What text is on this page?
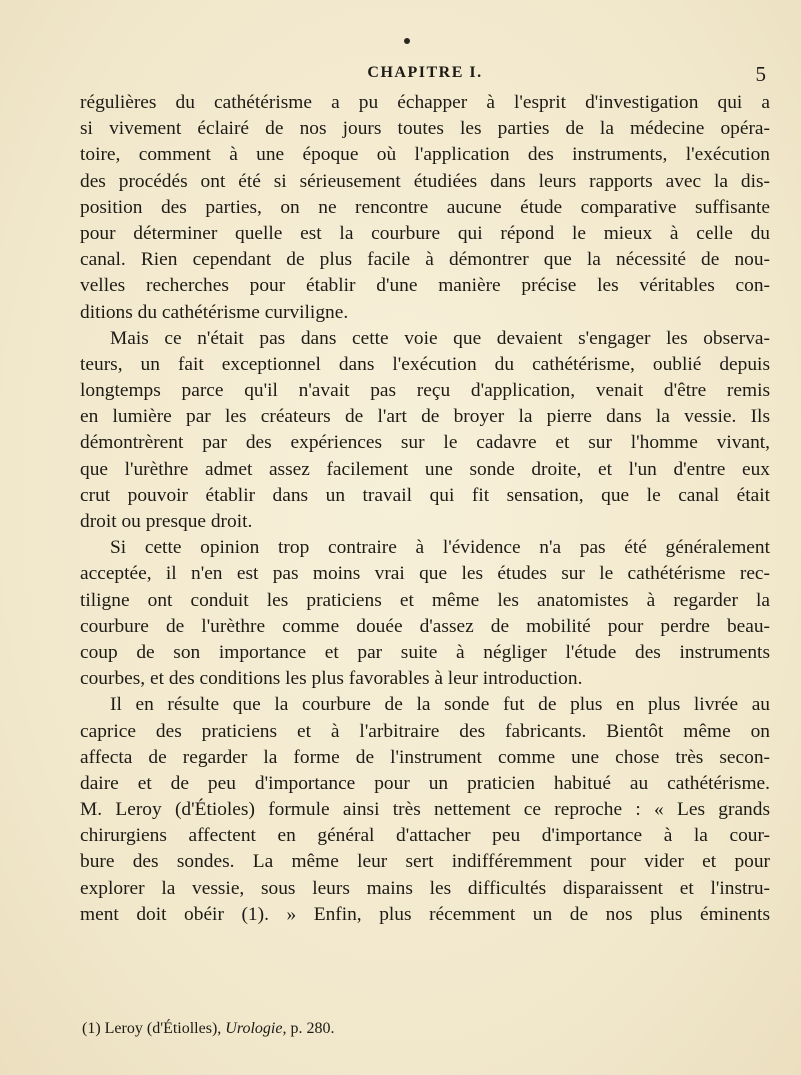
CHAPITRE I.	5
régulières du cathétérisme a pu échapper à l'esprit d'investigation qui a
si vivement éclairé de nos jours toutes les parties de la médecine opéra-
toire, comment à une époque où l'application des instruments, l'exécution
des procédés ont été si sérieusement étudiées dans leurs rapports avec la dis-
position des parties, on ne rencontre aucune étude comparative suffisante
pour déterminer quelle est la courbure qui répond le mieux à celle du
canal. Rien cependant de plus facile à démontrer que la nécessité de nou-
velles recherches pour établir d'une manière précise les véritables con-
ditions du cathétérisme curviligne.
Mais ce n'était pas dans cette voie que devaient s'engager les observa-
teurs, un fait exceptionnel dans l'exécution du cathétérisme, oublié depuis
longtemps parce qu'il n'avait pas reçu d'application, venait d'être remis
en lumière par les créateurs de l'art de broyer la pierre dans la vessie. Ils
démontrèrent par des expériences sur le cadavre et sur l'homme vivant,
que l'urèthre admet assez facilement une sonde droite, et l'un d'entre eux
crut pouvoir établir dans un travail qui fit sensation, que le canal était
droit ou presque droit.
Si cette opinion trop contraire à l'évidence n'a pas été généralement
acceptée, il n'en est pas moins vrai que les études sur le cathétérisme rec-
tiligne ont conduit les praticiens et même les anatomistes à regarder la
courbure de l'urèthre comme douée d'assez de mobilité pour perdre beau-
coup de son importance et par suite à négliger l'étude des instruments
courbes, et des conditions les plus favorables à leur introduction.
Il en résulte que la courbure de la sonde fut de plus en plus livrée au
caprice des praticiens et à l'arbitraire des fabricants. Bientôt même on
affecta de regarder la forme de l'instrument comme une chose très secon-
daire et de peu d'importance pour un praticien habitué au cathétérisme.
M. Leroy (d'Étioles) formule ainsi très nettement ce reproche : « Les grands
chirurgiens affectent en général d'attacher peu d'importance à la cour-
bure des sondes. La même leur sert indifféremment pour vider et pour
explorer la vessie, sous leurs mains les difficultés disparaissent et l'instru-
ment doit obéir (1). » Enfin, plus récemment un de nos plus éminents
(1) Leroy (d'Étiolles), Urologie, p. 280.
